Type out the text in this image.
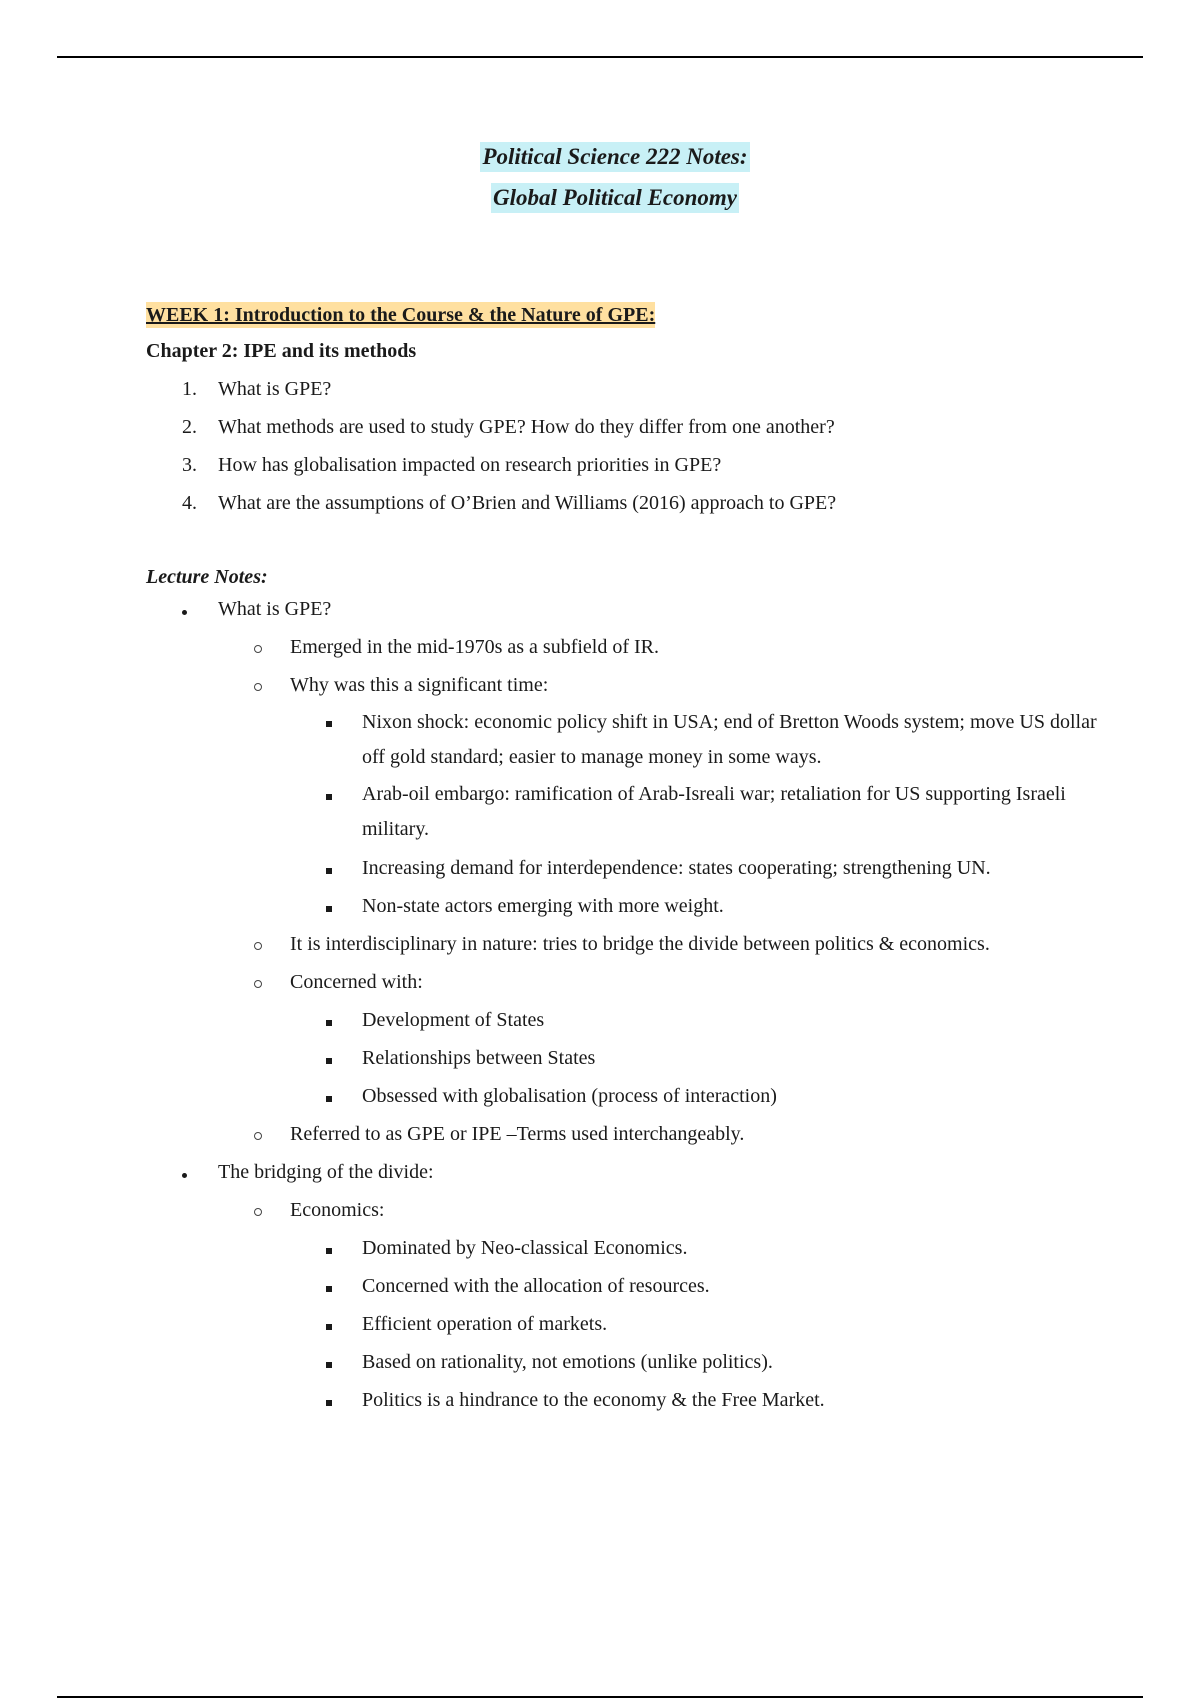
Political Science 222 Notes:
Global Political Economy
WEEK 1: Introduction to the Course & the Nature of GPE:
Chapter 2: IPE and its methods
1. What is GPE?
2. What methods are used to study GPE? How do they differ from one another?
3. How has globalisation impacted on research priorities in GPE?
4. What are the assumptions of O’Brien and Williams (2016) approach to GPE?
Lecture Notes:
What is GPE?
Emerged in the mid-1970s as a subfield of IR.
Why was this a significant time:
Nixon shock: economic policy shift in USA; end of Bretton Woods system; move US dollar off gold standard; easier to manage money in some ways.
Arab-oil embargo: ramification of Arab-Isreali war; retaliation for US supporting Israeli military.
Increasing demand for interdependence: states cooperating; strengthening UN.
Non-state actors emerging with more weight.
It is interdisciplinary in nature: tries to bridge the divide between politics & economics.
Concerned with:
Development of States
Relationships between States
Obsessed with globalisation (process of interaction)
Referred to as GPE or IPE –Terms used interchangeably.
The bridging of the divide:
Economics:
Dominated by Neo-classical Economics.
Concerned with the allocation of resources.
Efficient operation of markets.
Based on rationality, not emotions (unlike politics).
Politics is a hindrance to the economy & the Free Market.
